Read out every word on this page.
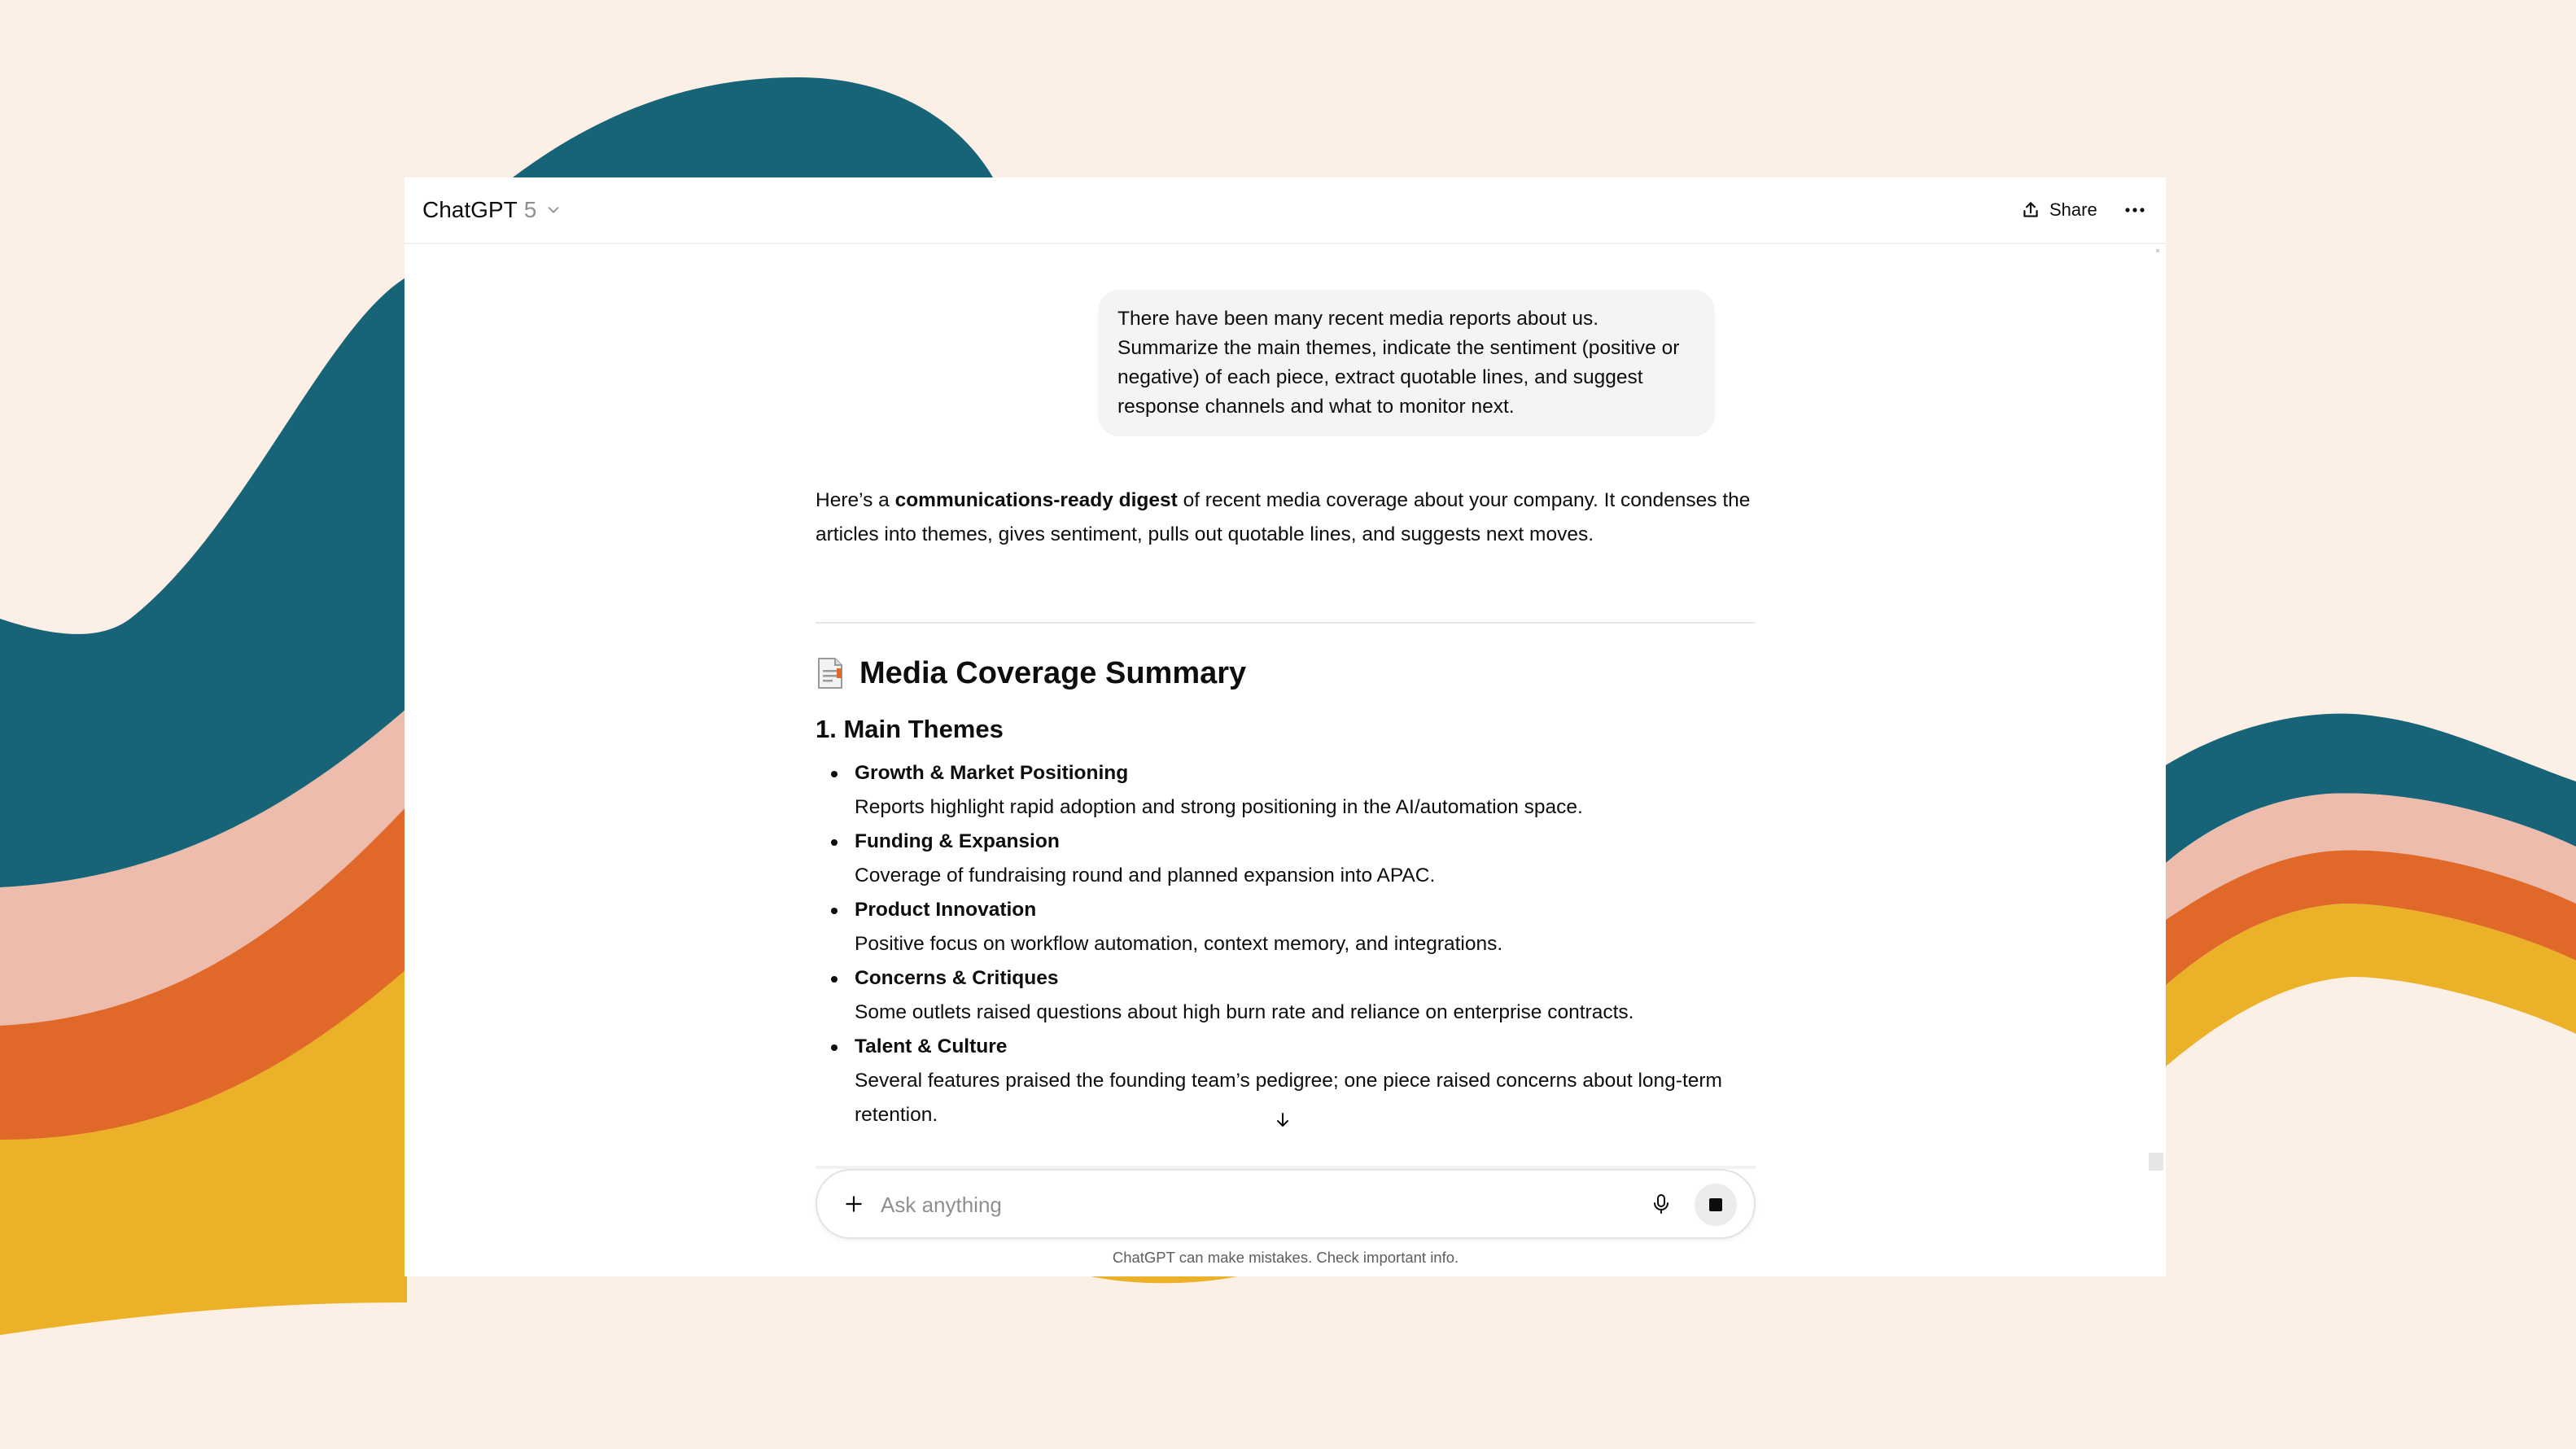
ChatGPT 5	Share
There have been many recent media reports about us. Summarize the main themes, indicate the sentiment (positive or negative) of each piece, extract quotable lines, and suggest response channels and what to monitor next.

Here’s a communications-ready digest of recent media coverage about your company. It condenses the articles into themes, gives sentiment, pulls out quotable lines, and suggests next moves.

Media Coverage Summary
1. Main Themes
Growth & Market Positioning
Reports highlight rapid adoption and strong positioning in the AI/automation space.
Funding & Expansion
Coverage of fundraising round and planned expansion into APAC.
Product Innovation
Positive focus on workflow automation, context memory, and integrations.
Concerns & Critiques
Some outlets raised questions about high burn rate and reliance on enterprise contracts.
Talent & Culture
Several features praised the founding team’s pedigree; one piece raised concerns about long-term retention.
Ask anything
ChatGPT can make mistakes. Check important info.
